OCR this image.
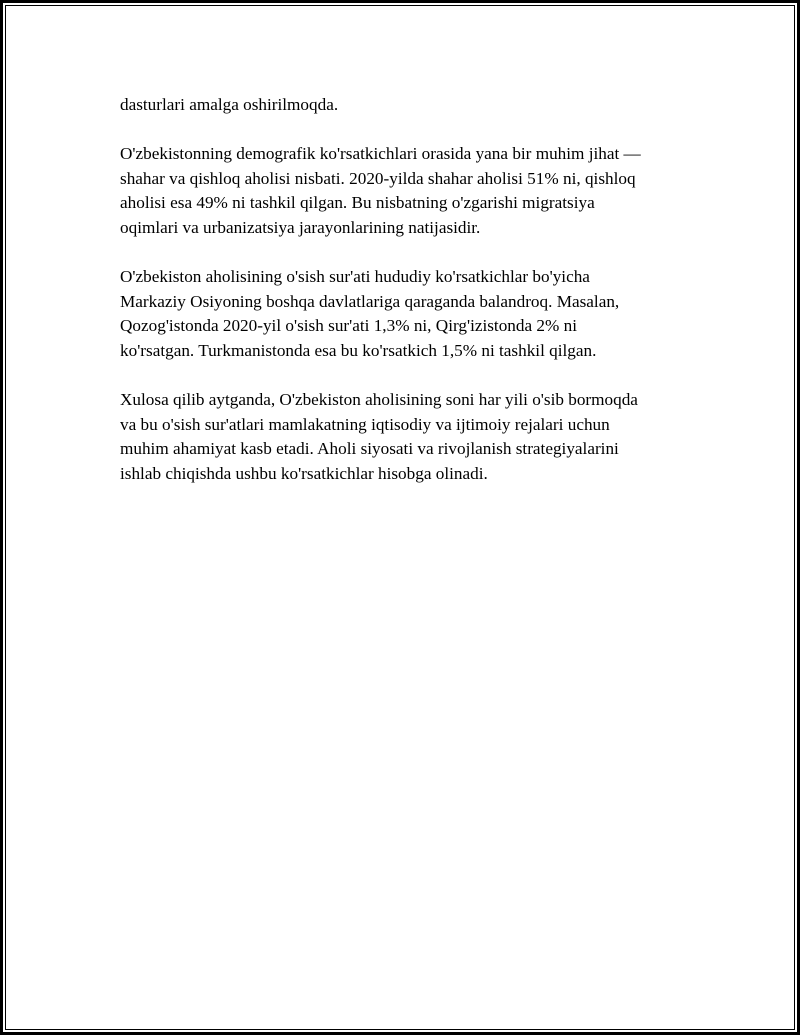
dasturlari amalga oshirilmoqda.

O'zbekistonning demografik ko'rsatkichlari orasida yana bir muhim jihat —
shahar va qishloq aholisi nisbati. 2020-yilda shahar aholisi 51% ni, qishloq
aholisi esa 49% ni tashkil qilgan. Bu nisbatning o'zgarishi migratsiya
oqimlari va urbanizatsiya jarayonlarining natijasidir.

O'zbekiston aholisining o'sish sur'ati hududiy ko'rsatkichlar bo'yicha
Markaziy Osiyoning boshqa davlatlariga qaraganda balandroq. Masalan,
Qozog'istonda 2020-yil o'sish sur'ati 1,3% ni, Qirg'izistonda 2% ni
ko'rsatgan. Turkmanistonda esa bu ko'rsatkich 1,5% ni tashkil qilgan.

Xulosa qilib aytganda, O'zbekiston aholisining soni har yili o'sib bormoqda
va bu o'sish sur'atlari mamlakatning iqtisodiy va ijtimoiy rejalari uchun
muhim ahamiyat kasb etadi. Aholi siyosati va rivojlanish strategiyalarini
ishlab chiqishda ushbu ko'rsatkichlar hisobga olinadi.
